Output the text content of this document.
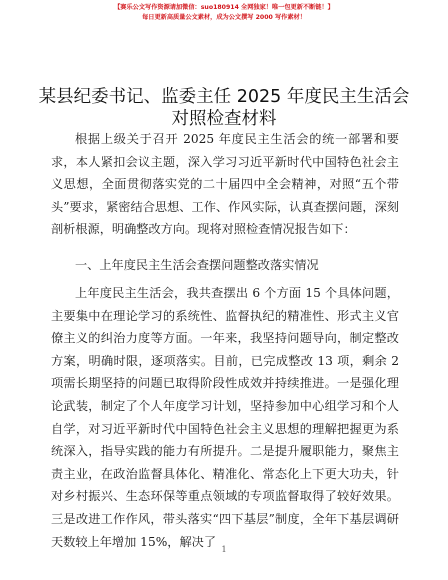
【赛乐公文写作资源请加微信：suo180914 全网独家！唯一包更新不断链！】
每日更新高质量公文素材，成为公文撰写 2000 写作素材！
某县纪委书记、监委主任 2025 年度民主生活会
对照检查材料
根据上级关于召开 2025 年度民主生活会的统一部署和要求，本人紧扣会议主题，深入学习习近平新时代中国特色社会主义思想，全面贯彻落实党的二十届四中全会精神，对照“五个带头”要求，紧密结合思想、工作、作风实际，认真查摆问题，深刻剖析根源，明确整改方向。现将对照检查情况报告如下：
一、上年度民主生活会查摆问题整改落实情况
上年度民主生活会，我共查摆出 6 个方面 15 个具体问题，主要集中在理论学习的系统性、监督执纪的精准性、形式主义官僚主义的纠治力度等方面。一年来，我坚持问题导向，制定整改方案，明确时限，逐项落实。目前，已完成整改 13 项，剩余 2 项需长期坚持的问题已取得阶段性成效并持续推进。一是强化理论武装，制定了个人年度学习计划，坚持参加中心组学习和个人自学，对习近平新时代中国特色社会主义思想的理解把握更为系统深入，指导实践的能力有所提升。二是提升履职能力，聚焦主责主业，在政治监督具体化、精准化、常态化上下更大功夫，针对乡村振兴、生态环保等重点领域的专项监督取得了较好效果。三是改进工作作风，带头落实“四下基层”制度，全年下基层调研天数较上年增加 15%，解决了
1
